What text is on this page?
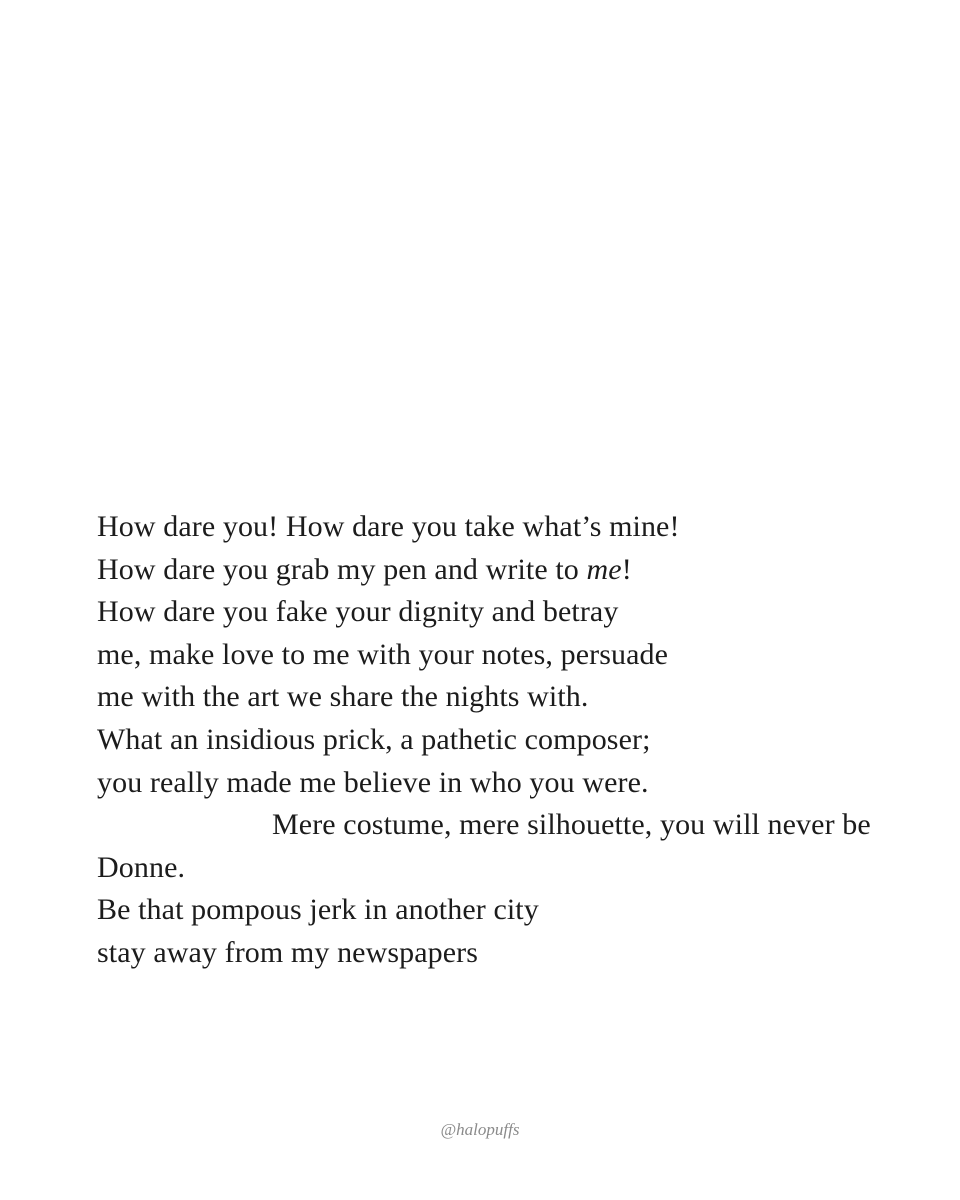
How dare you! How dare you take what’s mine!
How dare you grab my pen and write to me!
How dare you fake your dignity and betray
me, make love to me with your notes, persuade
me with the art we share the nights with.
What an insidious prick, a pathetic composer;
you really made me believe in who you were.
Mere costume, mere silhouette, you will never be
Donne.
Be that pompous jerk in another city
stay away from my newspapers
@halopuffs
